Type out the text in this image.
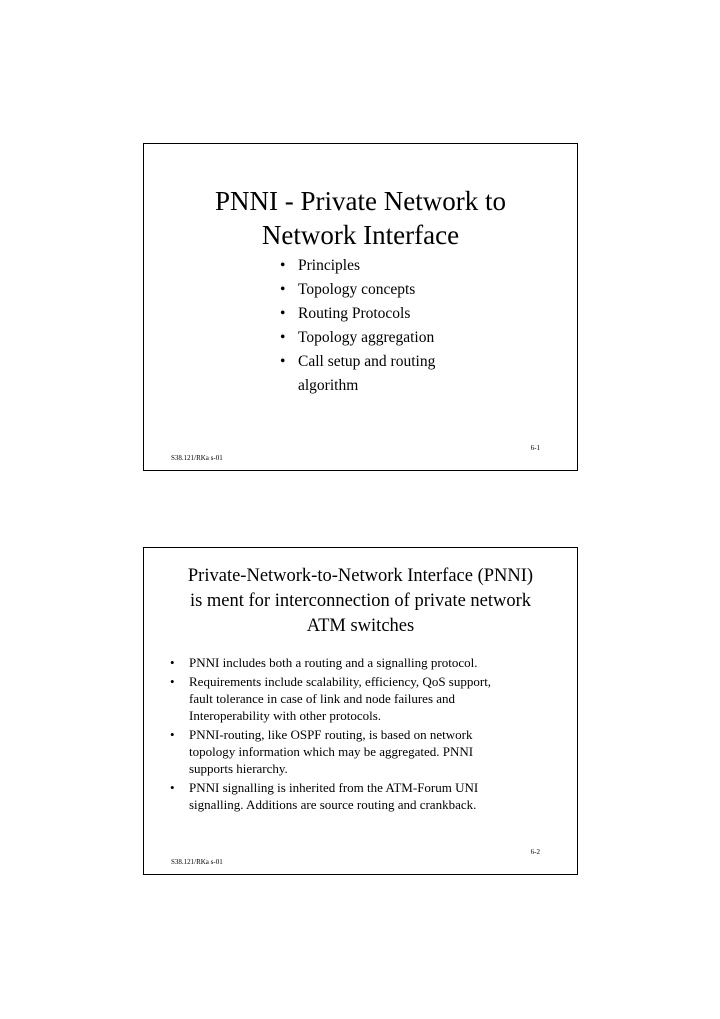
PNNI - Private Network to
Network Interface
• Principles
• Topology concepts
• Routing Protocols
• Topology aggregation
• Call setup and routing
algorithm
6-1
S38.121/RKa s-01
Private-Network-to-Network Interface (PNNI)
is ment for interconnection of private network
ATM switches
• PNNI includes both a routing and a signalling protocol.
• Requirements include scalability, efficiency, QoS support,
fault tolerance in case of link and node failures and
Interoperability with other protocols.
• PNNI-routing, like OSPF routing, is based on network
topology information which may be aggregated. PNNI
supports hierarchy.
• PNNI signalling is inherited from the ATM-Forum UNI
signalling. Additions are source routing and crankback.
6-2
S38.121/RKa s-01
